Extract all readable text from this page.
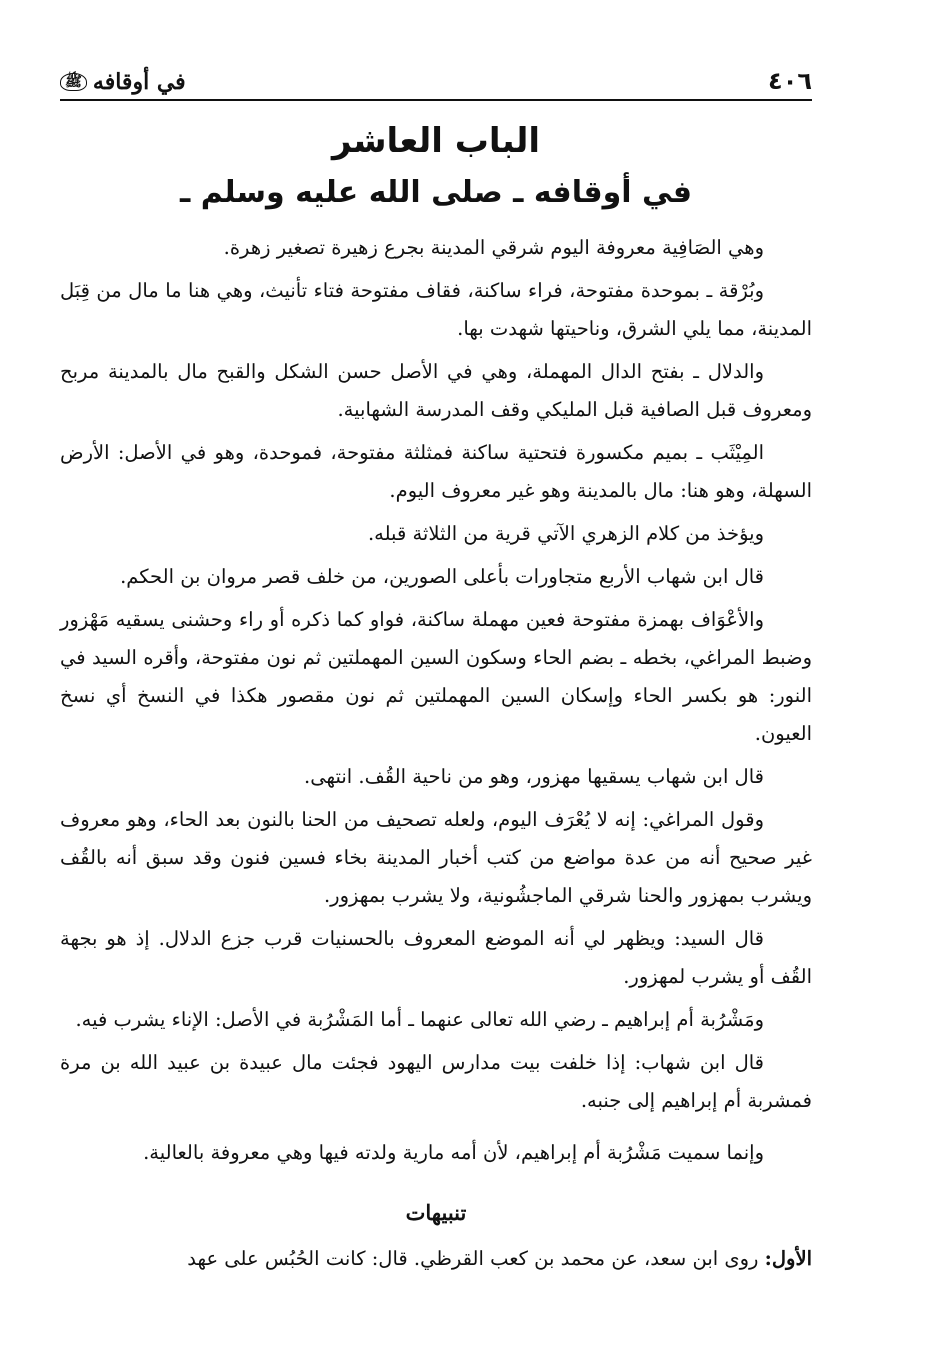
٤٠٦
في أوقافه
ﷺ
الباب العاشر
في أوقافه ـ صلى الله عليه وسلم ـ

وهي الصَافِية معروفة اليوم شرقي المدينة بجرع زهيرة تصغير زهرة.

وبُرْقة ـ بموحدة مفتوحة، فراء ساكنة، فقاف مفتوحة فتاء تأنيث، وهي هنا ما مال من قِبَل المدينة، مما يلي الشرق، وناحيتها شهدت بها.

والدلال ـ بفتح الدال المهملة، وهي في الأصل حسن الشكل والقبح مال بالمدينة مربح ومعروف قبل الصافية قبل المليكي وقف المدرسة الشهابية.

المِيْثَب ـ بميم مكسورة فتحتية ساكنة فمثلثة مفتوحة، فموحدة، وهو في الأصل: الأرض السهلة، وهو هنا: مال بالمدينة وهو غير معروف اليوم.

ويؤخذ من كلام الزهري الآتي قرية من الثلاثة قبله.

قال ابن شهاب الأربع متجاورات بأعلى الصورين، من خلف قصر مروان بن الحكم.

والأعْوَاف بهمزة مفتوحة فعين مهملة ساكنة، فواو كما ذكره أو راء وحشنى يسقيه مَهْزور وضبط المراغي، بخطه ـ بضم الحاء وسكون السين المهملتين ثم نون مفتوحة، وأقره السيد في النور: هو بكسر الحاء وإسكان السين المهملتين ثم نون مقصور هكذا في النسخ أي نسخ العيون.

قال ابن شهاب يسقيها مهزور، وهو من ناحية القُف. انتهى.

وقول المراغي: إنه لا يُعْرَف اليوم، ولعله تصحيف من الحنا بالنون بعد الحاء، وهو معروف غير صحيح أنه من عدة مواضع من كتب أخبار المدينة بخاء فسين فنون وقد سبق أنه بالقُف ويشرب بمهزور والحنا شرقي الماجشُونية، ولا يشرب بمهزور.

قال السيد: ويظهر لي أنه الموضع المعروف بالحسنيات قرب جزع الدلال. إذ هو بجهة القُف أو يشرب لمهزور.

ومَشْرُبة أم إبراهيم ـ رضي الله تعالى عنهما ـ أما المَشْرُبة في الأصل: الإناء يشرب فيه.

قال ابن شهاب: إذا خلفت بيت مدارس اليهود فجئت مال عبيدة بن عبيد الله بن مرة فمشربة أم إبراهيم إلى جنبه.

وإنما سميت مَشْرُبة أم إبراهيم، لأن أمه مارية ولدته فيها وهي معروفة بالعالية.

تنبيهات

الأول: روى ابن سعد، عن محمد بن كعب القرظي. قال: كانت الحُبُس على عهد
